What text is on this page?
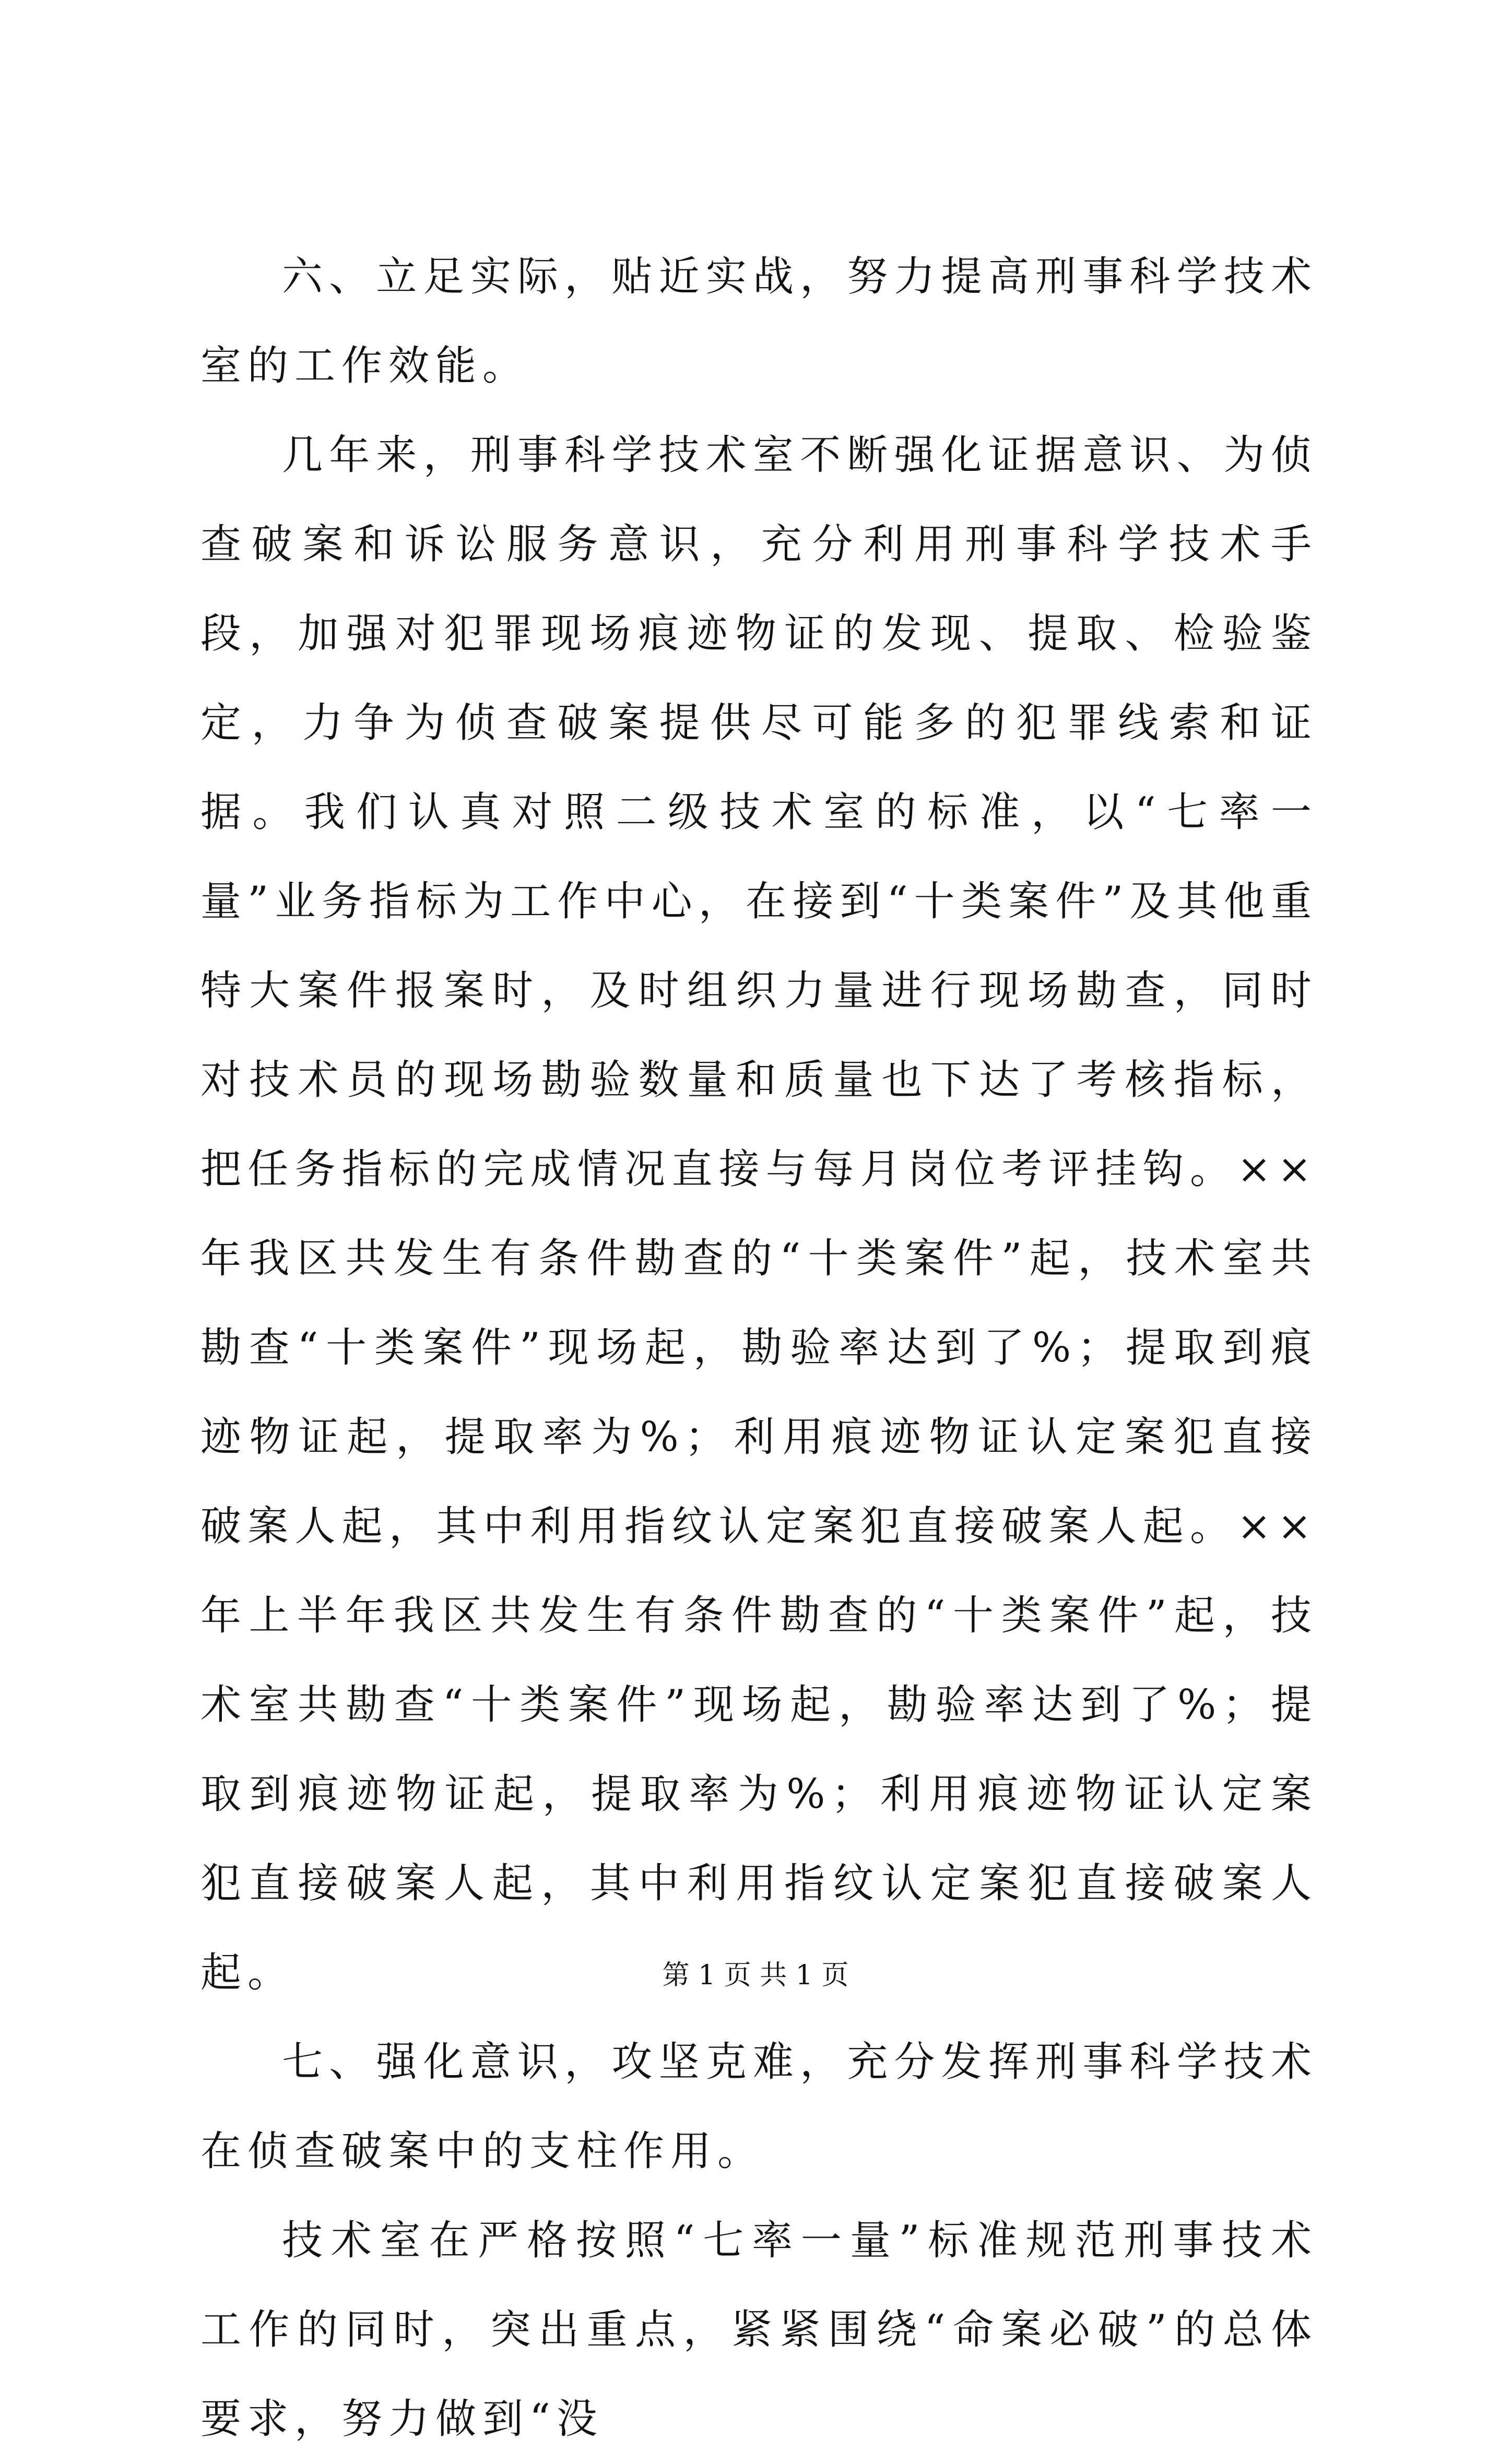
六、立足实际，贴近实战，努力提高刑事科学技术室的工作效能。

几年来，刑事科学技术室不断强化证据意识、为侦查破案和诉讼服务意识，充分利用刑事科学技术手段，加强对犯罪现场痕迹物证的发现、提取、检验鉴定，力争为侦查破案提供尽可能多的犯罪线索和证据。我们认真对照二级技术室的标准，以“七率一量”业务指标为工作中心，在接到“十类案件”及其他重特大案件报案时，及时组织力量进行现场勘查，同时对技术员的现场勘验数量和质量也下达了考核指标，把任务指标的完成情况直接与每月岗位考评挂钩。××年我区共发生有条件勘查的“十类案件”起，技术室共勘查“十类案件”现场起，勘验率达到了%；提取到痕迹物证起，提取率为%；利用痕迹物证认定案犯直接破案人起，其中利用指纹认定案犯直接破案人起。××年上半年我区共发生有条件勘查的“十类案件”起，技术室共勘查“十类案件”现场起，勘验率达到了%；提取到痕迹物证起，提取率为%；利用痕迹物证认定案犯直接破案人起，其中利用指纹认定案犯直接破案人起。

七、强化意识，攻坚克难，充分发挥刑事科学技术在侦查破案中的支柱作用。

技术室在严格按照“七率一量”标准规范刑事技术工作的同时，突出重点，紧紧围绕“命案必破”的总体要求，努力做到“没

第 1 页 共 1 页
